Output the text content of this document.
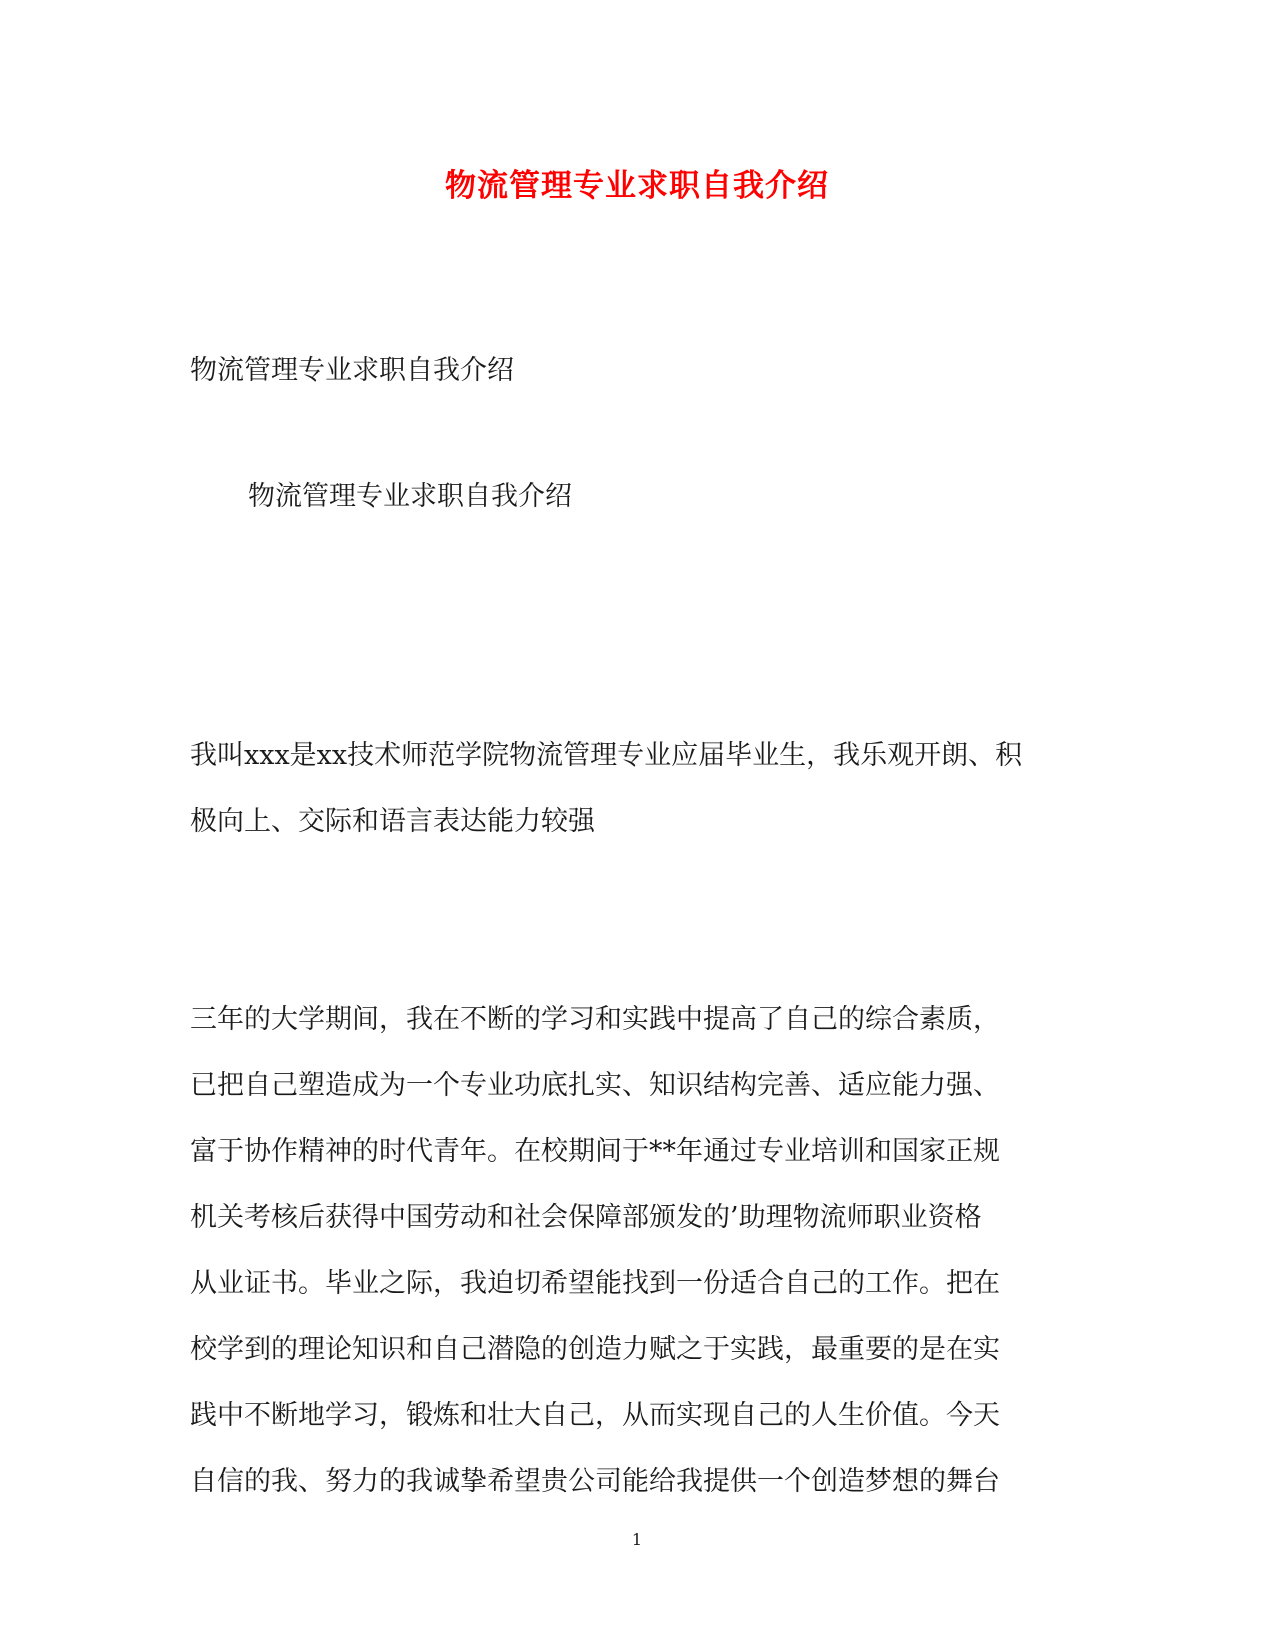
物流管理专业求职自我介绍
物流管理专业求职自我介绍
物流管理专业求职自我介绍
我叫xxx是xx技术师范学院物流管理专业应届毕业生，我乐观开朗、积
极向上、交际和语言表达能力较强
三年的大学期间，我在不断的学习和实践中提高了自己的综合素质，
已把自己塑造成为一个专业功底扎实、知识结构完善、适应能力强、
富于协作精神的时代青年。在校期间于**年通过专业培训和国家正规
机关考核后获得中国劳动和社会保障部颁发的’助理物流师职业资格
从业证书。毕业之际，我迫切希望能找到一份适合自己的工作。把在
校学到的理论知识和自己潜隐的创造力赋之于实践，最重要的是在实
践中不断地学习，锻炼和壮大自己，从而实现自己的人生价值。今天
自信的我、努力的我诚挚希望贵公司能给我提供一个创造梦想的舞台
1
